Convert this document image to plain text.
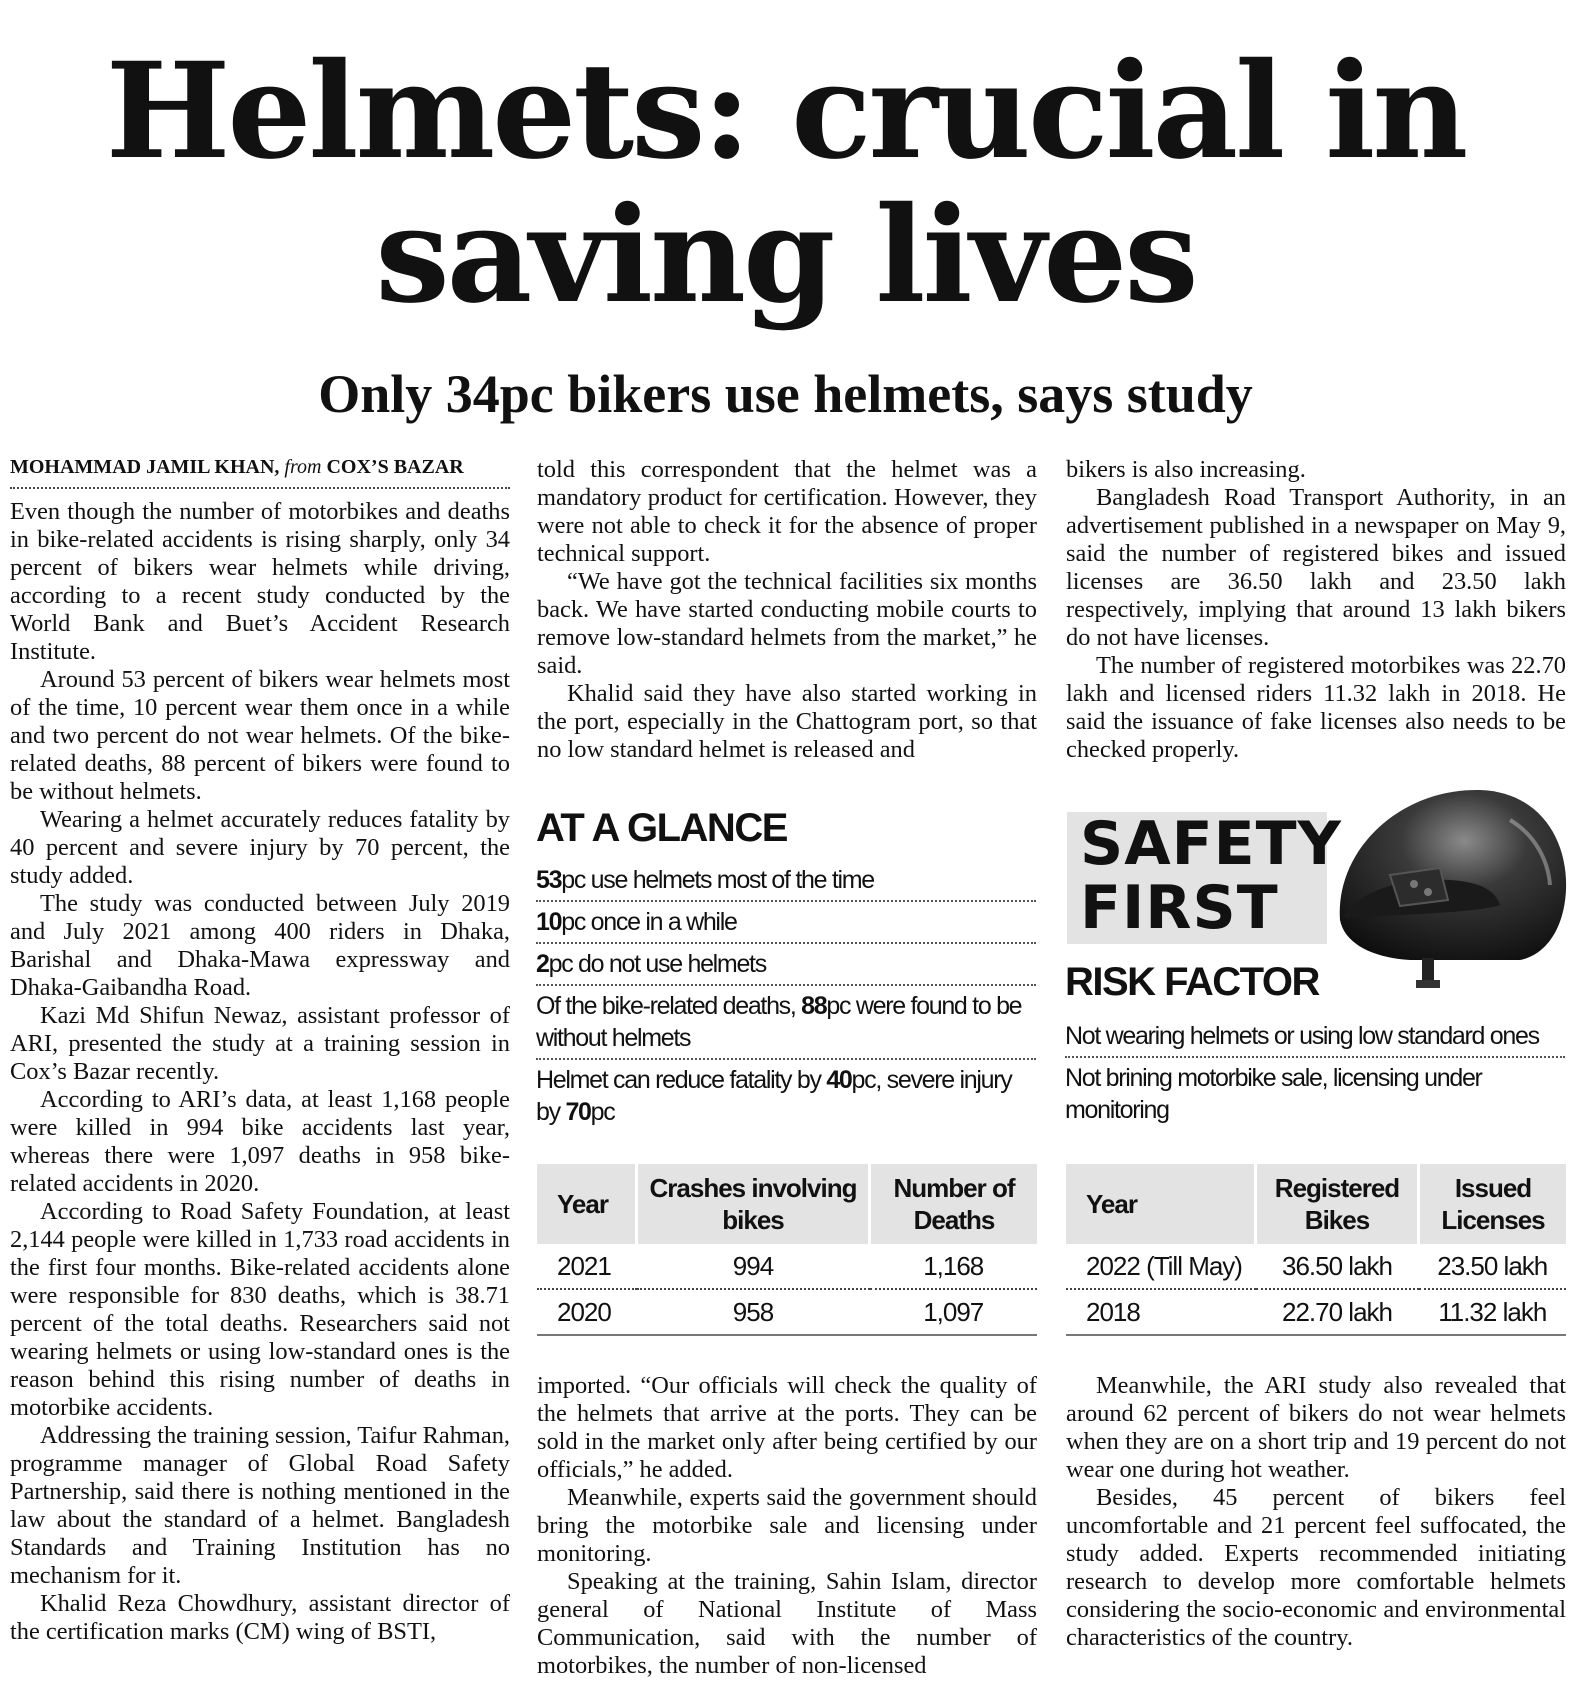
Helmets: crucial in
saving lives
Only 34pc bikers use helmets, says study
MOHAMMAD JAMIL KHAN, from COX’S BAZAR

Even though the number of motorbikes and deaths in bike-related accidents is rising sharply, only 34 percent of bikers wear helmets while driving, according to a recent study conducted by the World Bank and Buet’s Accident Research Institute.

Around 53 percent of bikers wear helmets most of the time, 10 percent wear them once in a while and two percent do not wear helmets. Of the bike-related deaths, 88 percent of bikers were found to be without helmets.

Wearing a helmet accurately reduces fatality by 40 percent and severe injury by 70 percent, the study added.

The study was conducted between July 2019 and July 2021 among 400 riders in Dhaka, Barishal and Dhaka-Mawa expressway and Dhaka-Gaibandha Road.

Kazi Md Shifun Newaz, assistant professor of ARI, presented the study at a training session in Cox’s Bazar recently.

According to ARI’s data, at least 1,168 people were killed in 994 bike accidents last year, whereas there were 1,097 deaths in 958 bike-related accidents in 2020.

According to Road Safety Foundation, at least 2,144 people were killed in 1,733 road accidents in the first four months. Bike-related accidents alone were responsible for 830 deaths, which is 38.71 percent of the total deaths. Researchers said not wearing helmets or using low-standard ones is the reason behind this rising number of deaths in motorbike accidents.

Addressing the training session, Taifur Rahman, programme manager of Global Road Safety Partnership, said there is nothing mentioned in the law about the standard of a helmet. Bangladesh Standards and Training Institution has no mechanism for it.

Khalid Reza Chowdhury, assistant director of the certification marks (CM) wing of BSTI,

told this correspondent that the helmet was a mandatory product for certification. However, they were not able to check it for the absence of proper technical support.

“We have got the technical facilities six months back. We have started conducting mobile courts to remove low-standard helmets from the market,” he said.

Khalid said they have also started working in the port, especially in the Chattogram port, so that no low standard helmet is released and

bikers is also increasing.

Bangladesh Road Transport Authority, in an advertisement published in a newspaper on May 9, said the number of registered bikes and issued licenses are 36.50 lakh and 23.50 lakh respectively, implying that around 13 lakh bikers do not have licenses.

The number of registered motorbikes was 22.70 lakh and licensed riders 11.32 lakh in 2018. He said the issuance of fake licenses also needs to be checked properly.

AT A GLANCE
53pc use helmets most of the time
10pc once in a while
2pc do not use helmets
Of the bike-related deaths, 88pc were found to be without helmets
Helmet can reduce fatality by 40pc, severe injury by 70pc
SAFETY
FIRST
RISK FACTOR
Not wearing helmets or using low standard ones
Not brining motorbike sale, licensing under monitoring
Year	Crashes involving bikes	Number of Deaths
2021	994	1,168
2020	958	1,097
Year	Registered Bikes	Issued Licenses
2022 (Till May)	36.50 lakh	23.50 lakh
2018	22.70 lakh	11.32 lakh

imported. “Our officials will check the quality of the helmets that arrive at the ports. They can be sold in the market only after being certified by our officials,” he added.

Meanwhile, experts said the government should bring the motorbike sale and licensing under monitoring.

Speaking at the training, Sahin Islam, director general of National Institute of Mass Communication, said with the number of motorbikes, the number of non-licensed

Meanwhile, the ARI study also revealed that around 62 percent of bikers do not wear helmets when they are on a short trip and 19 percent do not wear one during hot weather.

Besides, 45 percent of bikers feel uncomfortable and 21 percent feel suffocated, the study added. Experts recommended initiating research to develop more comfortable helmets considering the socio-economic and environmental characteristics of the country.
